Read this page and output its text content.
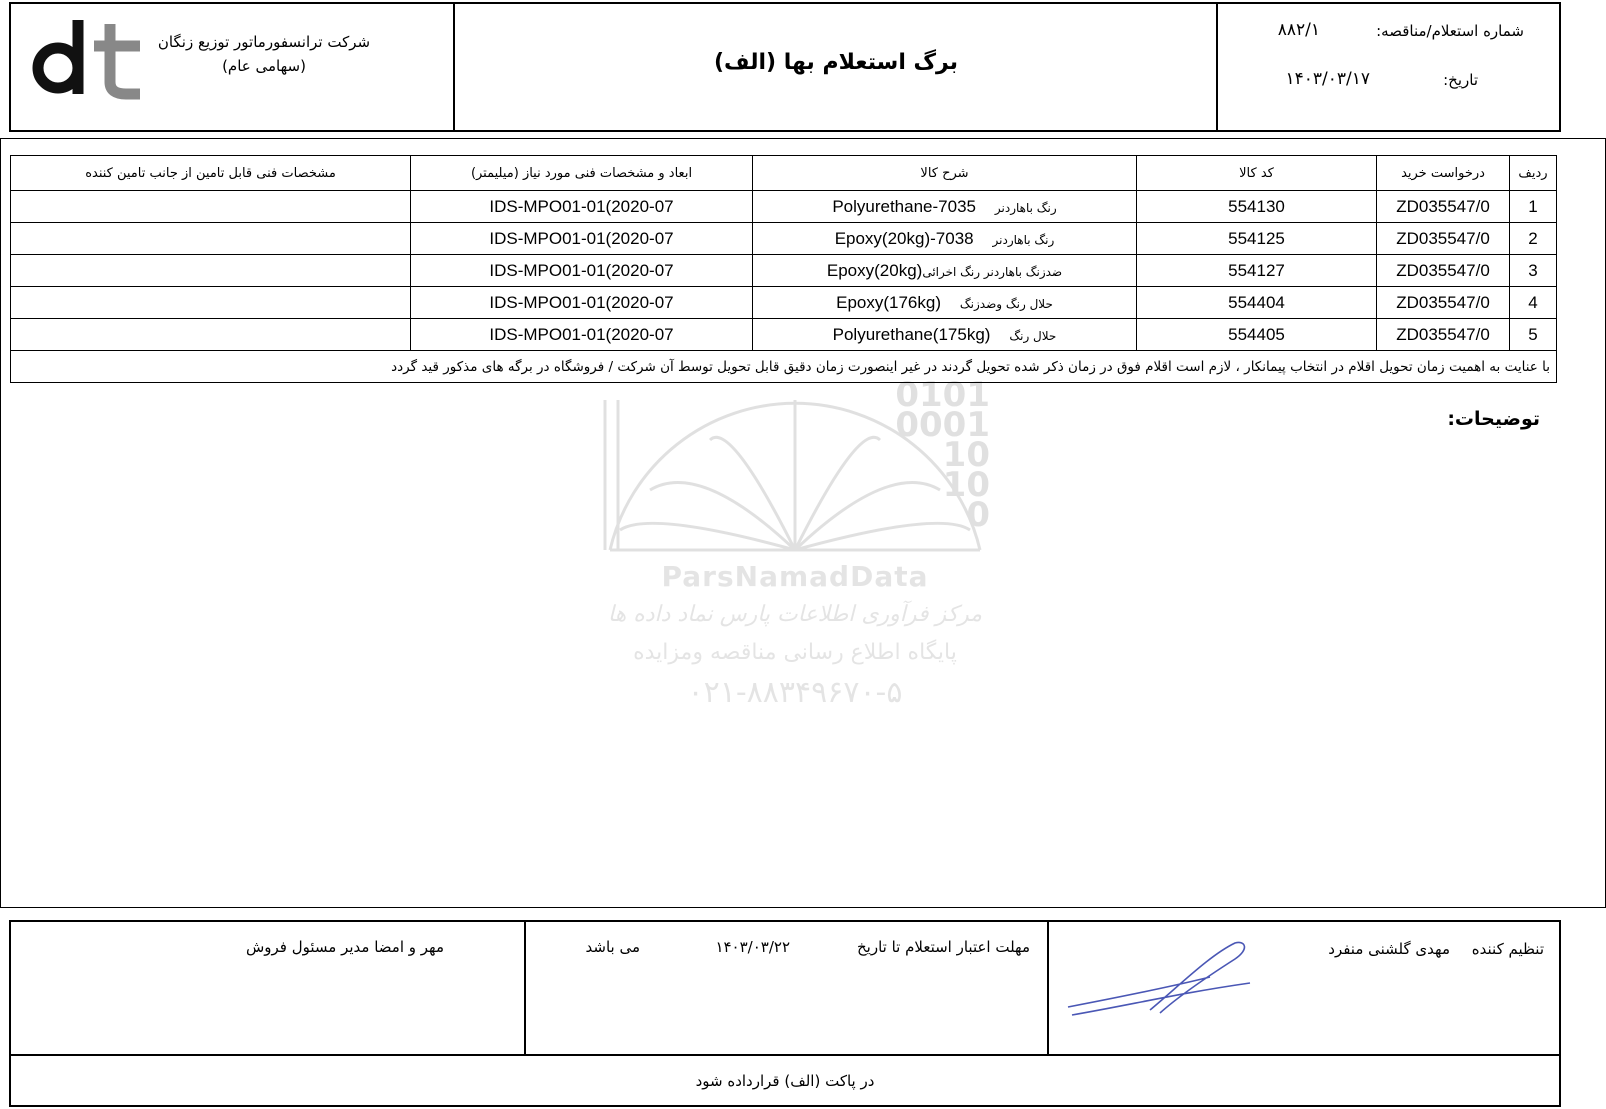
شرکت ترانسفورماتور توزیع زنگان
(سهامی عام)	برگ استعلام بها (الف)
شماره استعلام/مناقصه:
۸۸۲/۱
تاریخ:
۱۴۰۳/۰۳/۱۷
0101
0001
10
10
0
ParsNamadData
مرکز فرآوری اطلاعات پارس نماد داده ها
پایگاه اطلاع رسانی مناقصه ومزایده
۰۲۱-۸۸۳۴۹۶۷۰-۵
ردیف	درخواست خرید	کد کالا	شرح کالا	ابعاد و مشخصات فنی مورد نیاز (میلیمتر)	مشخصات فنی قابل تامین از جانب تامین کننده
1	ZD035547/0	554130	رنگ باهاردنر    Polyurethane-7035	IDS-MPO01-01(2020-07	
2	ZD035547/0	554125	رنگ باهاردنر    Epoxy(20kg)-7038	IDS-MPO01-01(2020-07	
3	ZD035547/0	554127	ضدزنگ باهاردنر رنگ اخرائیEpoxy(20kg)	IDS-MPO01-01(2020-07	
4	ZD035547/0	554404	حلال رنگ وضدزنگ    Epoxy(176kg)	IDS-MPO01-01(2020-07	
5	ZD035547/0	554405	حلال رنگ    Polyurethane(175kg)	IDS-MPO01-01(2020-07	
با عنایت به اهمیت زمان تحویل اقلام در انتخاب پیمانکار ، لازم است اقلام فوق در زمان ذکر شده تحویل گردند در غیر اینصورت زمان دقیق قابل تحویل توسط آن شرکت / فروشگاه در برگه های مذکور قید گردد					
توضیحات:
تنظیم کننده
مهدی گلشنی منفرد
مهلت اعتبار استعلام تا تاریخ
۱۴۰۳/۰۳/۲۲
می باشد
مهر و امضا مدیر مسئول فروش
در پاکت (الف) قرارداده شود
